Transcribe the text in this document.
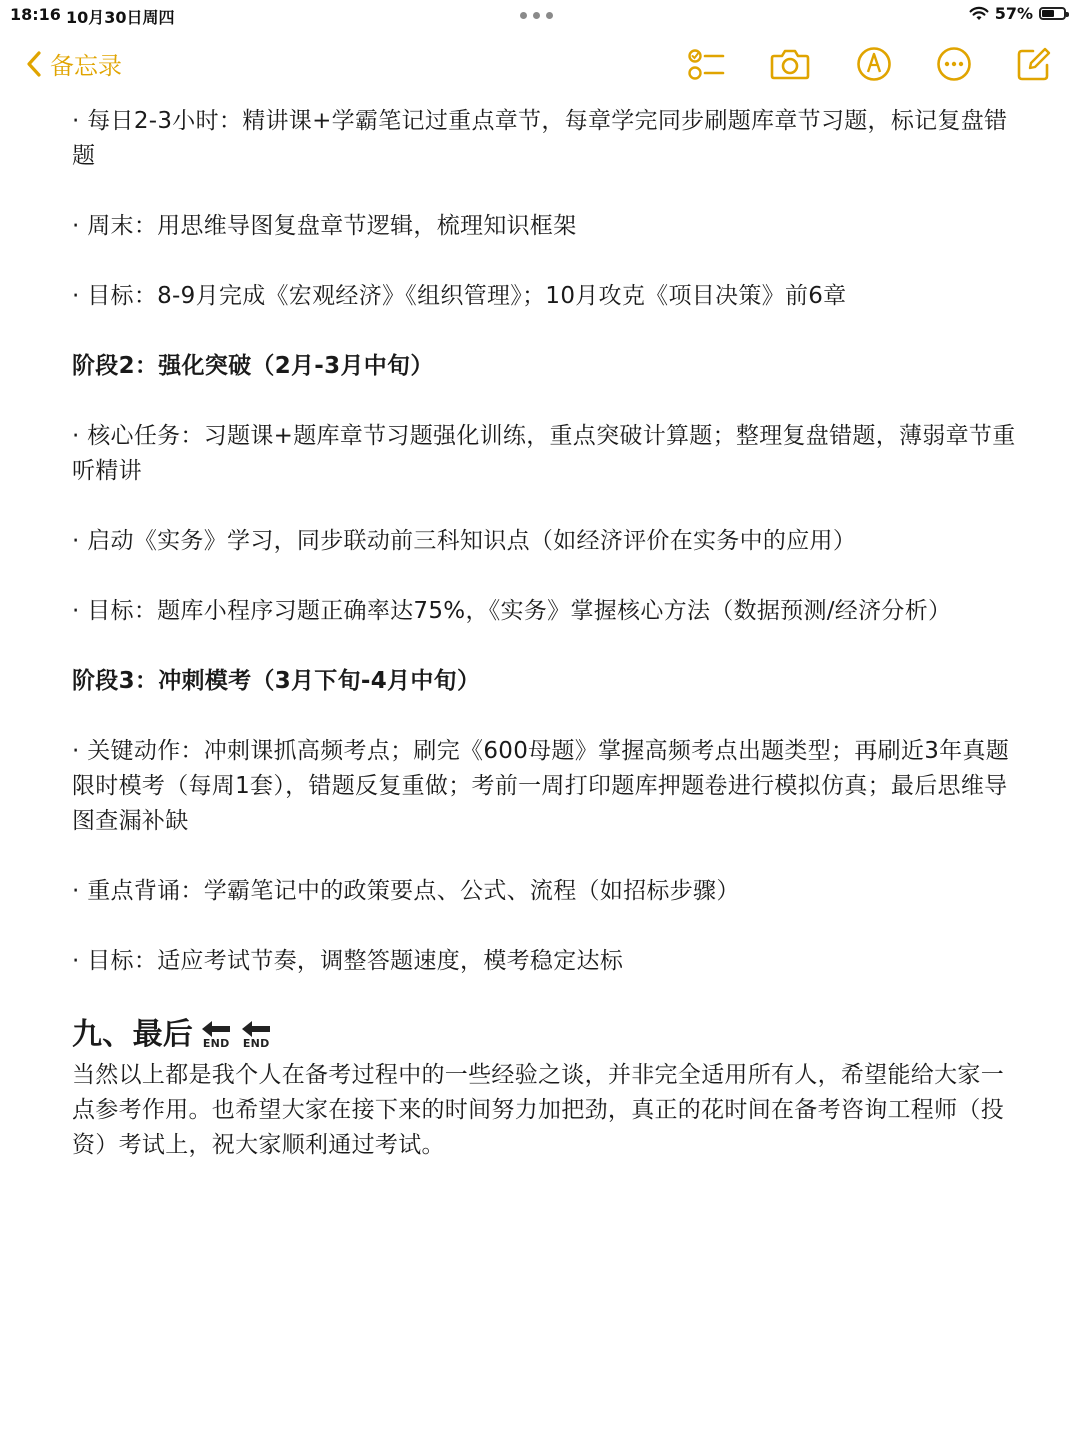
18:16 10月30日周四	57%
备忘录

· 每日2-3小时：精讲课+学霸笔记过重点章节，每章学完同步刷题库章节习题，标记复盘错题

· 周末：用思维导图复盘章节逻辑，梳理知识框架

· 目标：8-9月完成《宏观经济》《组织管理》；10月攻克《项目决策》前6章

阶段2：强化突破（2月-3月中旬）

· 核心任务：习题课+题库章节习题强化训练，重点突破计算题；整理复盘错题，薄弱章节重听精讲

· 启动《实务》学习，同步联动前三科知识点（如经济评价在实务中的应用）

· 目标：题库小程序习题正确率达75%，《实务》掌握核心方法（数据预测/经济分析）

阶段3：冲刺模考（3月下旬-4月中旬）

· 关键动作：冲刺课抓高频考点；刷完《600母题》掌握高频考点出题类型；再刷近3年真题限时模考（每周1套），错题反复重做；考前一周打印题库押题卷进行模拟仿真；最后思维导图查漏补缺

· 重点背诵：学霸笔记中的政策要点、公式、流程（如招标步骤）

· 目标：适应考试节奏，调整答题速度，模考稳定达标

九、最后 END END

当然以上都是我个人在备考过程中的一些经验之谈，并非完全适用所有人，希望能给大家一点参考作用。也希望大家在接下来的时间努力加把劲，真正的花时间在备考咨询工程师（投资）考试上，祝大家顺利通过考试。
